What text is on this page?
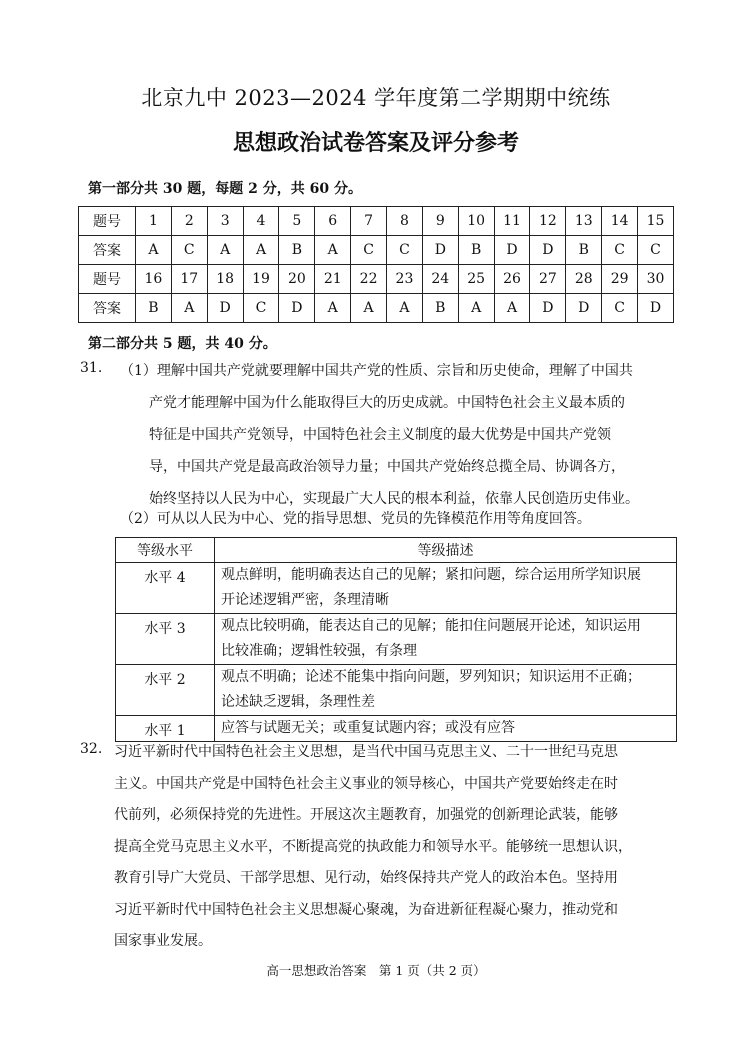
北京九中 2023—2024 学年度第二学期期中统练
思想政治试卷答案及评分参考
第一部分共 30 题，每题 2 分，共 60 分。
题号	1	2	3	4	5	6	7	8	9	10	11	12	13	14	15
答案	A	C	A	A	B	A	C	C	D	B	D	D	B	C	C
题号	16	17	18	19	20	21	22	23	24	25	26	27	28	29	30
答案	B	A	D	C	D	A	A	A	B	A	A	D	D	C	D
第二部分共 5 题，共 40 分。
31. （1）理解中国共产党就要理解中国共产党的性质、宗旨和历史使命，理解了中国共
产党才能理解中国为什么能取得巨大的历史成就。中国特色社会主义最本质的
特征是中国共产党领导，中国特色社会主义制度的最大优势是中国共产党领
导，中国共产党是最高政治领导力量；中国共产党始终总揽全局、协调各方，
始终坚持以人民为中心，实现最广大人民的根本利益，依靠人民创造历史伟业。
（2）可从以人民为中心、党的指导思想、党员的先锋模范作用等角度回答。
等级水平	等级描述
水平 4	观点鲜明，能明确表达自己的见解；紧扣问题，综合运用所学知识展
开论述逻辑严密，条理清晰

水平 3	观点比较明确，能表达自己的见解；能扣住问题展开论述，知识运用
比较准确；逻辑性较强，有条理

水平 2	观点不明确；论述不能集中指向问题，罗列知识；知识运用不正确；
论述缺乏逻辑，条理性差

水平 1	应答与试题无关；或重复试题内容；或没有应答
32. 习近平新时代中国特色社会主义思想，是当代中国马克思主义、二十一世纪马克思
主义。中国共产党是中国特色社会主义事业的领导核心，中国共产党要始终走在时
代前列，必须保持党的先进性。开展这次主题教育，加强党的创新理论武装，能够
提高全党马克思主义水平，不断提高党的执政能力和领导水平。能够统一思想认识，
教育引导广大党员、干部学思想、见行动，始终保持共产党人的政治本色。坚持用
习近平新时代中国特色社会主义思想凝心聚魂，为奋进新征程凝心聚力，推动党和
国家事业发展。
高一思想政治答案　第 1 页（共 2 页）
